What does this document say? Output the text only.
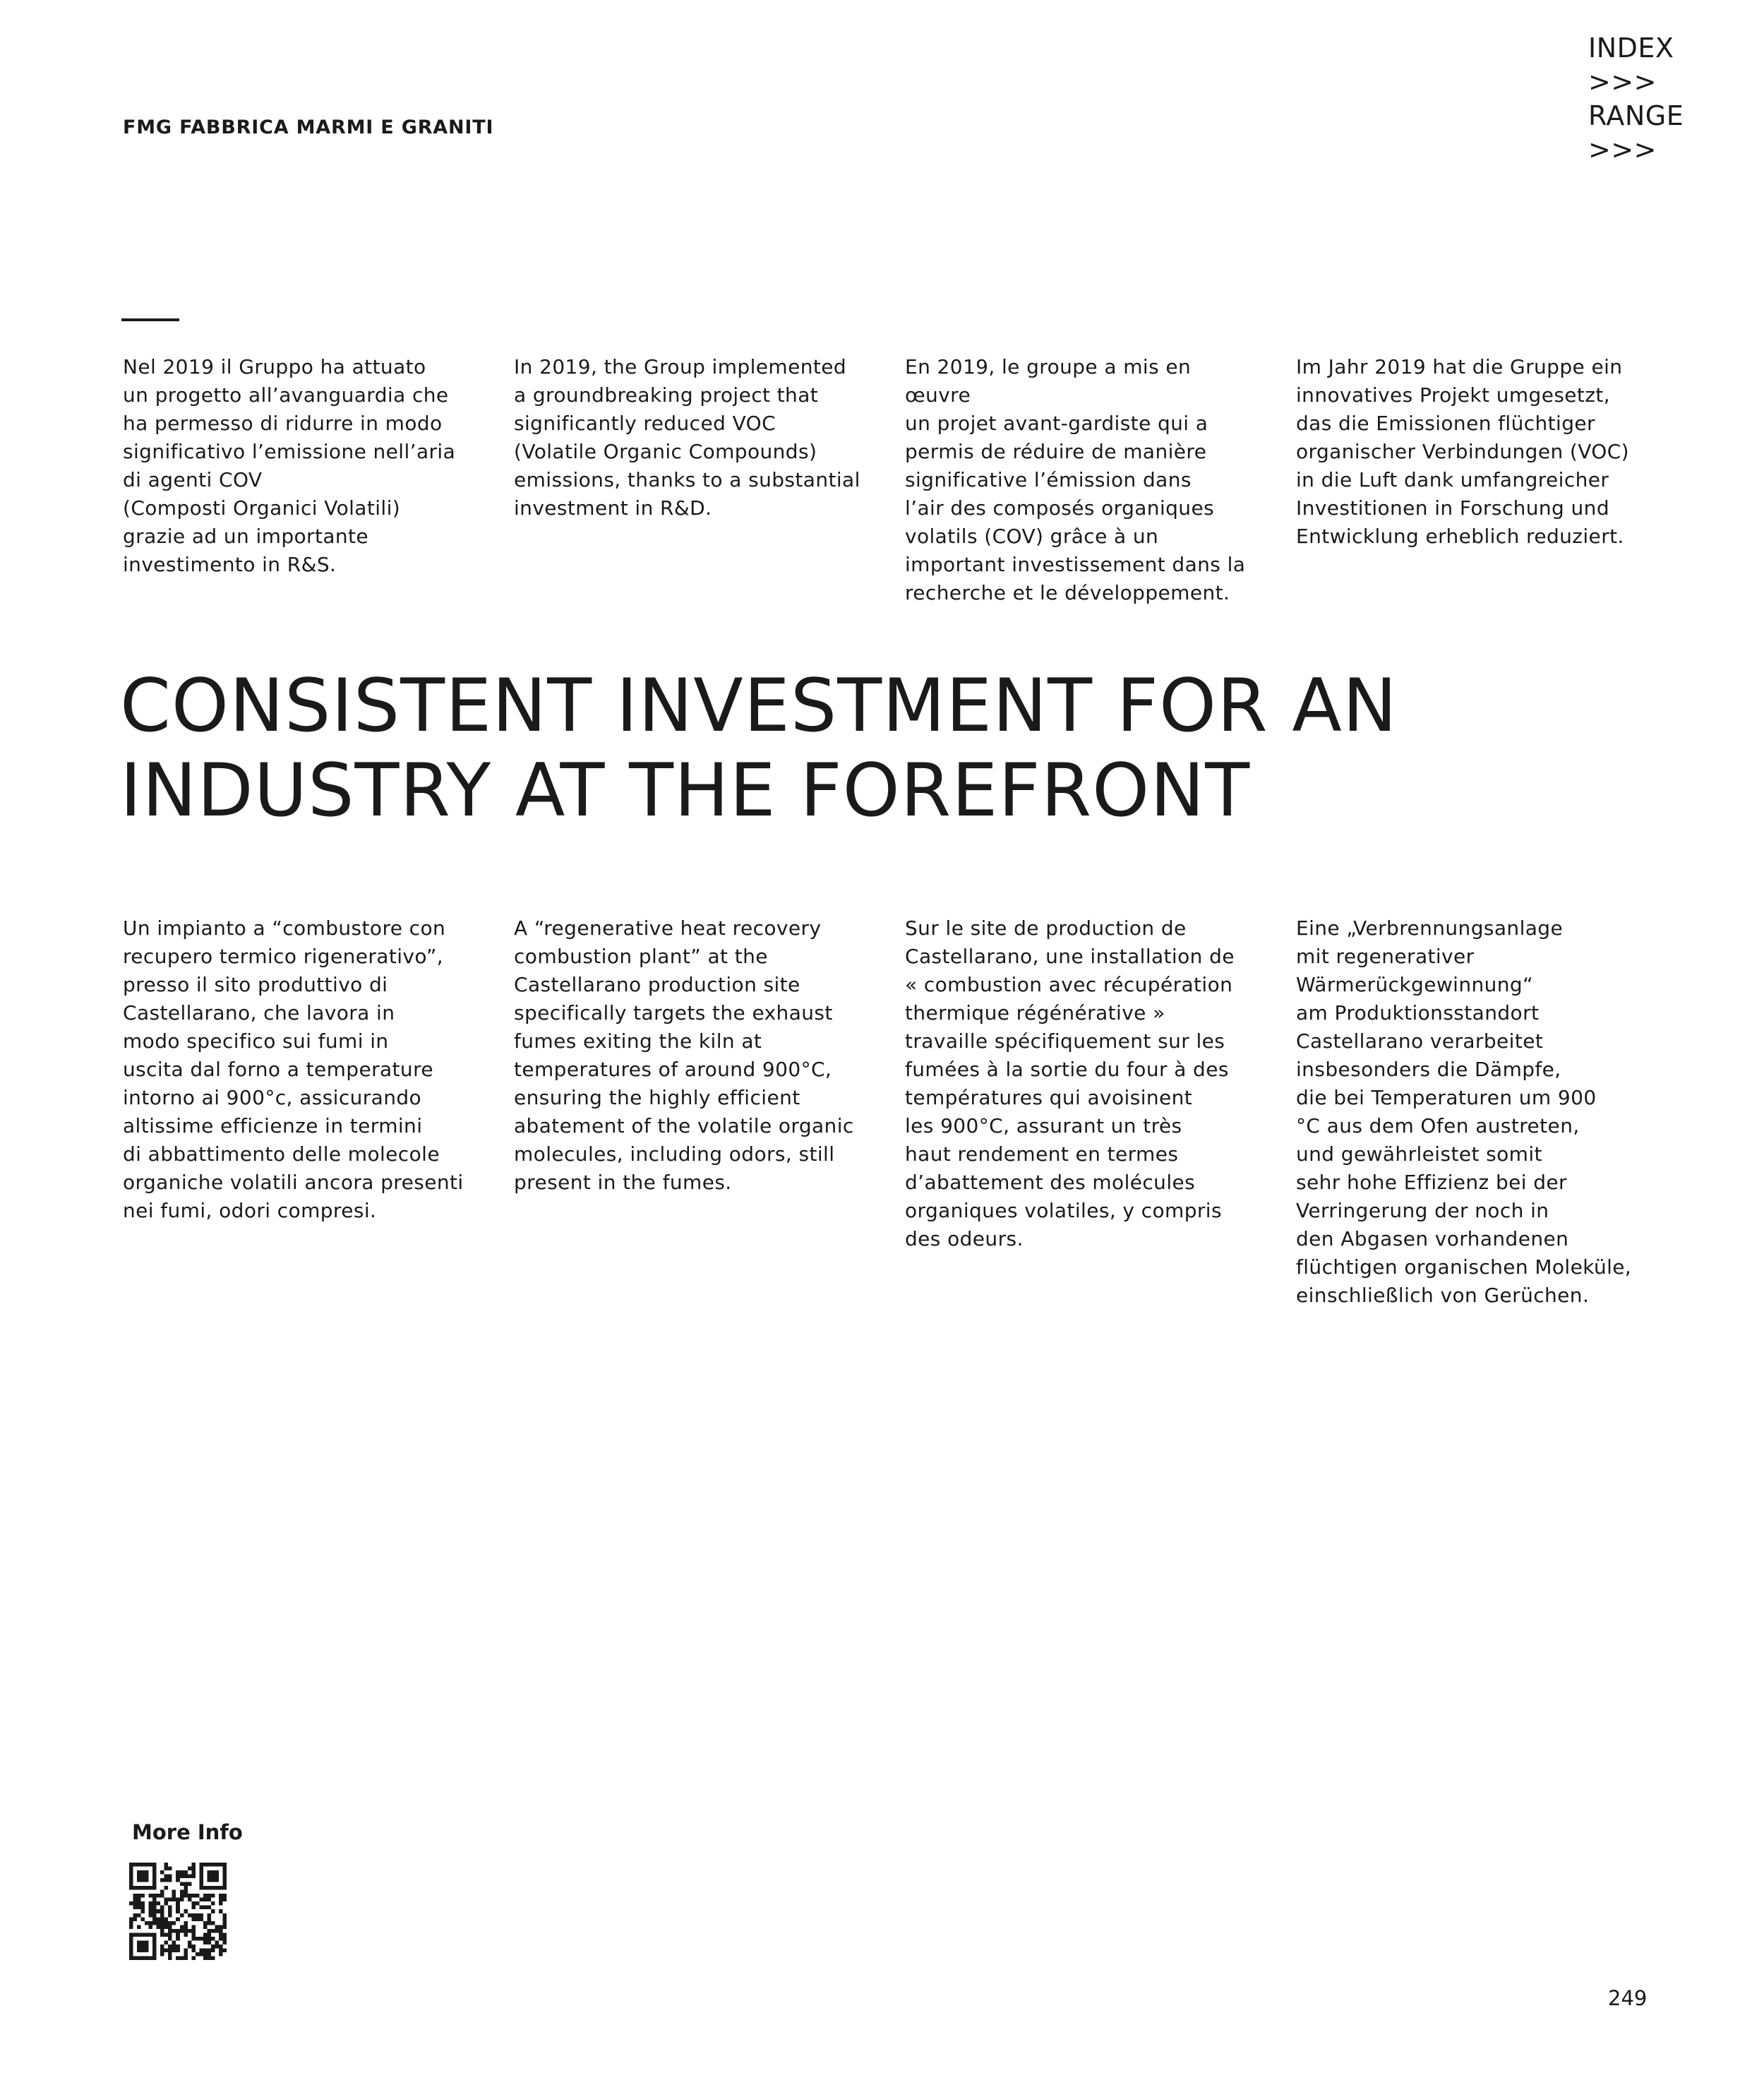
INDEX >>>
RANGE >>>
FMG FABBRICA MARMI E GRANITI

Nel 2019 il Gruppo ha attuato
un progetto all’avanguardia che
ha permesso di ridurre in modo
significativo l’emissione nell’aria
di agenti COV
(Composti Organici Volatili)
grazie ad un importante
investimento in R&S.

In 2019, the Group implemented
a groundbreaking project that
significantly reduced VOC
(Volatile Organic Compounds)
emissions, thanks to a substantial
investment in R&D.

En 2019, le groupe a mis en œuvre
un projet avant-gardiste qui a
permis de réduire de manière
significative l’émission dans
l’air des composés organiques
volatils (COV) grâce à un
important investissement dans la
recherche et le développement.

Im Jahr 2019 hat die Gruppe ein
innovatives Projekt umgesetzt,
das die Emissionen flüchtiger
organischer Verbindungen (VOC)
in die Luft dank umfangreicher
Investitionen in Forschung und
Entwicklung erheblich reduziert.

CONSISTENT INVESTMENT FOR AN
INDUSTRY AT THE FOREFRONT

Un impianto a “combustore con
recupero termico rigenerativo”,
presso il sito produttivo di
Castellarano, che lavora in
modo specifico sui fumi in
uscita dal forno a temperature
intorno ai 900°c, assicurando
altissime efficienze in termini
di abbattimento delle molecole
organiche volatili ancora presenti
nei fumi, odori compresi.

A “regenerative heat recovery
combustion plant” at the
Castellarano production site
specifically targets the exhaust
fumes exiting the kiln at
temperatures of around 900°C,
ensuring the highly efficient
abatement of the volatile organic
molecules, including odors, still
present in the fumes.

Sur le site de production de
Castellarano, une installation de
« combustion avec récupération
thermique régénérative »
travaille spécifiquement sur les
fumées à la sortie du four à des
températures qui avoisinent
les 900°C, assurant un très
haut rendement en termes
d’abattement des molécules
organiques volatiles, y compris
des odeurs.

Eine „Verbrennungsanlage
mit regenerativer
Wärmerückgewinnung“
am Produktionsstandort
Castellarano verarbeitet
insbesonders die Dämpfe,
die bei Temperaturen um 900
°C aus dem Ofen austreten,
und gewährleistet somit
sehr hohe Effizienz bei der
Verringerung der noch in
den Abgasen vorhandenen
flüchtigen organischen Moleküle,
einschließlich von Gerüchen.

More Info
249
